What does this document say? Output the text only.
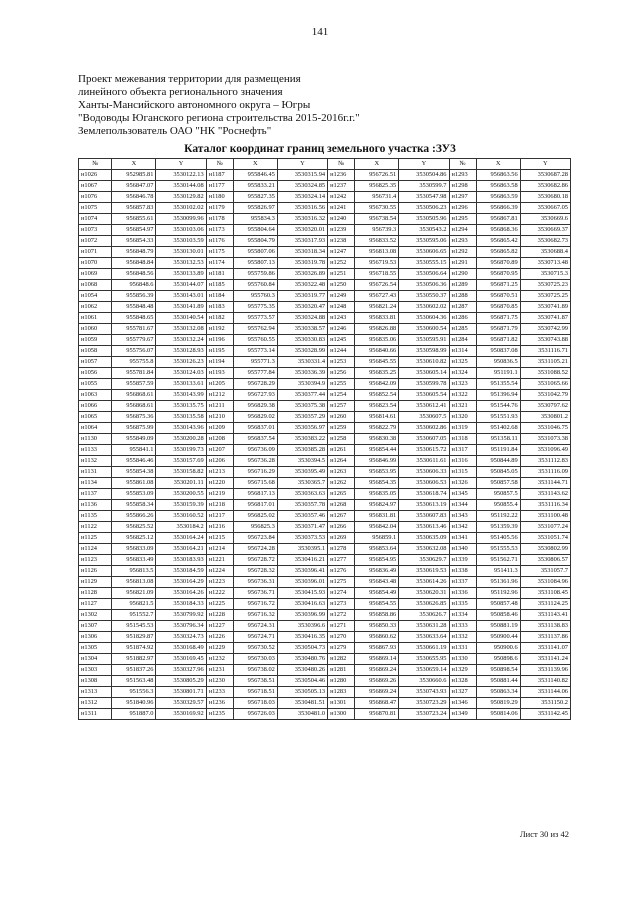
141
Проект межевания территории для размещения
линейного объекта регионального значения
Ханты-Мансийского автономного округа – Югры
"Водоводы Юганского региона строительства 2015-2016г.г."
Землепользователь ОАО "НК "Роснефть"
Каталог координат границ земельного участка :ЗУ3
№	X	Y	№	X	Y	№	X	Y	№	X	Y
н1026	952985.81	3530122.13	н1187	955846.45	3530315.94	н1236	956726.51	3530504.86	н1293	956863.56	3530687.28
н1067	956847.07	3530144.08	н1177	955833.21	3530324.85	н1237	956825.35	3530599.7	н1298	956863.58	3530682.86
н1076	956846.78	3530129.82	н1180	955827.35	3530324.14	н1242	956731.4	3530547.98	н1297	956863.59	3530680.18
н1075	956857.83	3530102.02	н1179	955826.97	3530316.56	н1241	956730.55	3530506.23	н1296	956866.39	3530667.05
н1074	956855.61	3530099.96	н1178	955834.3	3530316.32	н1240	956738.54	3530505.96	н1295	956867.81	3530669.6
н1073	956854.97	3530103.06	н1173	955804.64	3530320.01	н1239	956739.3	3530543.2	н1294	956868.36	3530669.37
н1072	956854.33	3530103.59	н1176	955804.79	3530317.93	н1238	956833.52	3530595.06	н1293	956865.42	3530682.73
н1071	956848.79	3530130.01	н1175	955807.06	3530318.34	н1247	956813.08	3530606.65	н1292	956865.82	3530688.4
н1070	956848.84	3530132.53	н1174	955807.13	3530319.78	н1252	956719.53	3530555.15	н1291	956870.89	3530713.48
н1069	956848.56	3530133.89	н1181	955759.86	3530326.89	н1251	956718.55	3530506.64	н1290	956870.95	3530715.3
н1068	956848.6	3530144.07	н1185	955760.84	3530322.48	н1250	956726.54	3530506.36	н1289	956871.25	3530725.23
н1054	955856.39	3530143.01	н1184	955760.3	3530319.77	н1249	956727.43	3530550.37	н1288	956870.51	3530725.25
н1062	955848.48	3530141.89	н1183	955775.35	3530320.47	н1248	956821.24	3530602.02	н1287	956870.85	3530741.89
н1061	955848.65	3530140.54	н1182	955773.57	3530324.88	н1243	956833.81	3530604.36	н1286	956871.75	3530741.87
н1060	955781.67	3530132.08	н1192	955762.94	3530338.57	н1246	956826.88	3530600.54	н1285	956871.79	3530742.99
н1059	955779.67	3530132.24	н1196	955760.55	3530330.83	н1245	956835.06	3530595.91	н1284	956871.82	3530743.88
н1058	955756.07	3530128.93	н1195	955773.14	3530328.99	н1244	956840.66	3530598.99	н1314	950837.08	3531116.71
н1057	955755.8	3530126.23	н1194	955771.3	3530331.4	н1253	956845.55	3530610.82	н1325	950836.5	3531105.21
н1056	955781.84	3530124.03	н1193	955777.84	3530336.39	н1256	956835.25	3530605.14	н1324	951191.1	3531088.52
н1055	955857.59	3530133.61	н1205	956728.29	3530394.9	н1255	956842.09	3530599.78	н1323	951355.54	3531065.66
н1063	956868.61	3530143.99	н1212	956727.93	3530377.44	н1254	956852.54	3530605.54	н1322	951396.94	3531042.79
н1066	956868.61	3530135.75	н1211	956829.38	3530375.38	н1257	956823.54	3530612.41	н1321	951544.76	3530797.62
н1065	956875.36	3530135.58	н1210	956829.02	3530357.29	н1260	956814.61	3530607.5	н1320	951551.93	3530801.2
н1064	956875.99	3530143.96	н1209	956837.01	3530356.97	н1259	956822.79	3530602.86	н1319	951402.68	3531046.75
н1130	955849.09	3530200.28	н1208	956837.54	3530383.22	н1258	956830.38	3530607.05	н1318	951358.11	3531073.38
н1133	955841.1	3530199.73	н1207	956736.09	3530385.28	н1261	956854.44	3530615.72	н1317	951191.84	3531096.49
н1132	955846.46	3530157.69	н1206	956736.28	3530394.5	н1264	956846.99	3530611.61	н1316	950844.89	3531112.83
н1131	955854.38	3530158.82	н1213	956716.29	3530395.49	н1263	956853.95	3530606.33	н1315	950845.05	3531116.09
н1134	955861.08	3530201.11	н1220	956715.68	3530365.7	н1262	956854.35	3530606.53	н1326	950857.58	3531144.71
н1137	955853.09	3530200.55	н1219	956817.13	3530363.63	н1265	956835.05	3530618.74	н1345	950857.5	3531143.62
н1136	955858.34	3530159.39	н1218	956817.01	3530357.78	н1268	956824.97	3530613.19	н1344	950855.4	3531116.34
н1135	955866.26	3530160.52	н1217	956825.02	3530357.46	н1267	956831.81	3530607.83	н1343	951192.22	3531100.48
н1122	956825.52	3530184.2	н1216	956825.3	3530371.47	н1266	956842.04	3530613.46	н1342	951359.39	3531077.24
н1125	956825.12	3530164.24	н1215	956723.84	3530373.53	н1269	956859.1	3530635.09	н1341	951405.56	3531051.74
н1124	956833.09	3530164.21	н1214	956724.28	3530395.1	н1278	956853.64	3530632.08	н1340	951555.53	3530802.99
н1123	956833.49	3530183.93	н1221	956728.72	3530416.21	н1277	956854.95	3530629.7	н1339	951562.71	3530806.57
н1126	956813.5	3530184.59	н1224	956728.32	3530396.41	н1276	956836.49	3530619.53	н1338	951411.3	3531057.7
н1129	956813.08	3530164.29	н1223	956736.31	3530396.01	н1275	956843.48	3530614.26	н1337	951361.96	3531084.96
н1128	956821.09	3530164.26	н1222	956736.71	3530415.93	н1274	956854.49	3530620.31	н1336	951192.96	3531108.45
н1127	956821.5	3530184.33	н1225	956716.72	3530416.63	н1273	956854.55	3530626.85	н1335	950857.48	3531124.25
н1302	951552.7	3530799.92	н1228	956716.32	3530396.99	н1272	956858.86	3530626.7	н1334	950858.46	3531143.41
н1307	951545.53	3530796.34	н1227	956724.31	3530396.6	н1271	956850.33	3530631.28	н1333	950881.19	3531138.83
н1306	951829.87	3530324.73	н1226	956724.71	3530416.35	н1270	956860.62	3530633.64	н1332	950900.44	3531137.86
н1305	951874.92	3530168.49	н1229	956730.52	3530504.73	н1279	956867.93	3530661.19	н1331	950900.6	3531141.07
н1304	951882.97	3530169.45	н1232	956730.03	3530480.76	н1282	956869.14	3530655.95	н1330	950898.6	3531141.24
н1303	951837.26	3530327.96	н1231	956738.02	3530480.26	н1281	956869.24	3530659.14	н1329	950898.54	3531139.96
н1308	951563.48	3530805.29	н1230	956738.51	3530504.46	н1280	956869.26	3530660.6	н1328	950881.44	3531140.82
н1313	951556.3	3530801.71	н1233	956718.51	3530505.13	н1283	956869.24	3530743.93	н1327	950863.34	3531144.06
н1312	951840.96	3530329.57	н1236	956718.03	3530481.51	н1301	956868.47	3530723.29	н1346	950819.29	3531150.2
н1311	951887.0	3530169.92	н1235	956726.03	3530481.0	н1300	956870.81	3530723.24	н1349	950814.06	3531142.45
Лист 30 из 42
